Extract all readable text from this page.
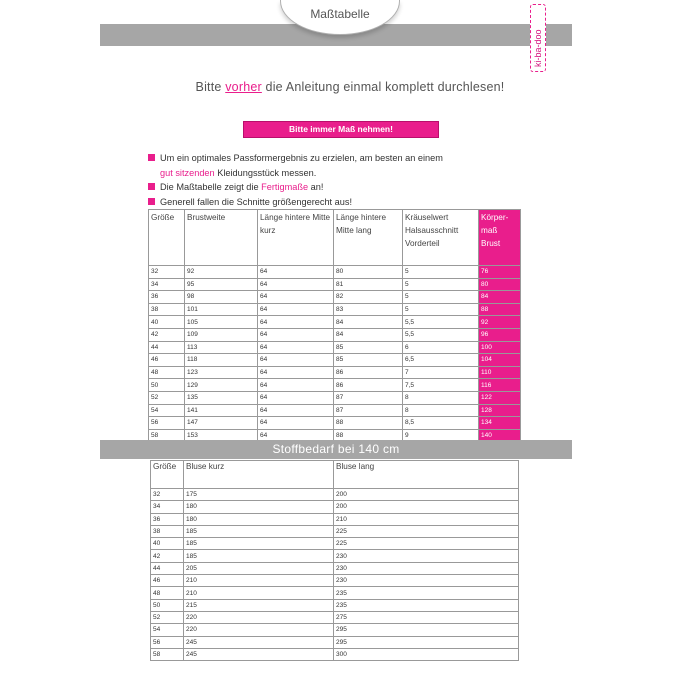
Maßtabelle
ki-ba-doo
Bitte vorher die Anleitung einmal komplett durchlesen!
Bitte immer Maß nehmen!
Um ein optimales Passformergebnis zu erzielen, am besten an einem
gut sitzenden Kleidungsstück messen.
Die Maßtabelle zeigt die Fertigmaße an!
Generell fallen die Schnitte größengerecht aus!
Größe	Brustweite	Länge hintere Mitte kurz	Länge hintere Mitte lang	Kräuselwert Halsausschnitt Vorderteil	Körper-maß Brust
32	92	64	80	5	76
34	95	64	81	5	80
36	98	64	82	5	84
38	101	64	83	5	88
40	105	64	84	5,5	92
42	109	64	84	5,5	96
44	113	64	85	6	100
46	118	64	85	6,5	104
48	123	64	86	7	110
50	129	64	86	7,5	116
52	135	64	87	8	122
54	141	64	87	8	128
56	147	64	88	8,5	134
58	153	64	88	9	140
Stoffbedarf bei 140 cm
Größe	Bluse kurz	Bluse lang
32	175	200
34	180	200
36	180	210
38	185	225
40	185	225
42	185	230
44	205	230
46	210	230
48	210	235
50	215	235
52	220	275
54	220	295
56	245	295
58	245	300
